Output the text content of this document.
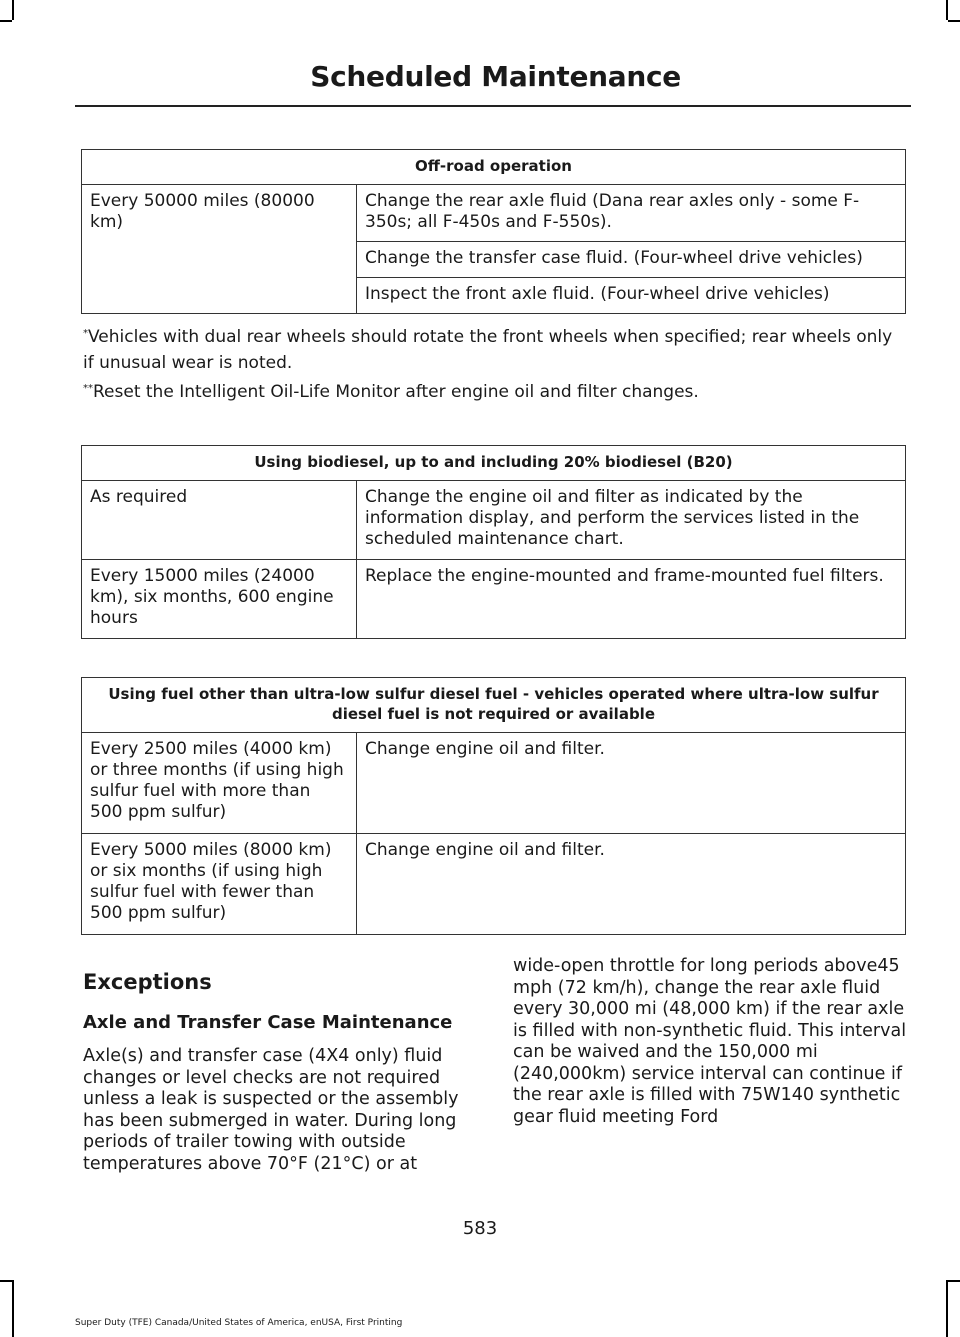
Scheduled Maintenance
Off-road operation
Every 50000 miles (80000 km)	Change the rear axle fluid (Dana rear axles only - some F-350s; all F-450s and F-550s).
Change the transfer case fluid. (Four-wheel drive vehicles)
Inspect the front axle fluid. (Four-wheel drive vehicles)
*Vehicles with dual rear wheels should rotate the front wheels when specified; rear wheels only if unusual wear is noted.
**Reset the Intelligent Oil-Life Monitor after engine oil and filter changes.
Using biodiesel, up to and including 20% biodiesel (B20)	
As required	Change the engine oil and filter as indicated by the information display, and perform the services listed in the scheduled maintenance chart.
Every 15000 miles (24000 km), six months, 600 engine hours	Replace the engine-mounted and frame-mounted fuel filters.
Using fuel other than ultra-low sulfur diesel fuel - vehicles operated where ultra-low sulfur diesel fuel is not required or available	
Every 2500 miles (4000 km) or three months (if using high sulfur fuel with more than 500 ppm sulfur)	Change engine oil and filter.
Every 5000 miles (8000 km) or six months (if using high sulfur fuel with fewer than 500 ppm sulfur)	Change engine oil and filter.
Exceptions
Axle and Transfer Case Maintenance
Axle(s) and transfer case (4X4 only) fluid changes or level checks are not required unless a leak is suspected or the assembly has been submerged in water. During long periods of trailer towing with outside temperatures above 70°F (21°C) or at
wide-open throttle for long periods above45 mph (72 km/h), change the rear axle fluid every 30,000 mi (48,000 km) if the rear axle is filled with non-synthetic fluid. This interval can be waived and the 150,000 mi (240,000km) service interval can continue if the rear axle is filled with 75W140 synthetic gear fluid meeting Ford
583
Super Duty (TFE) Canada/United States of America, enUSA, First Printing
